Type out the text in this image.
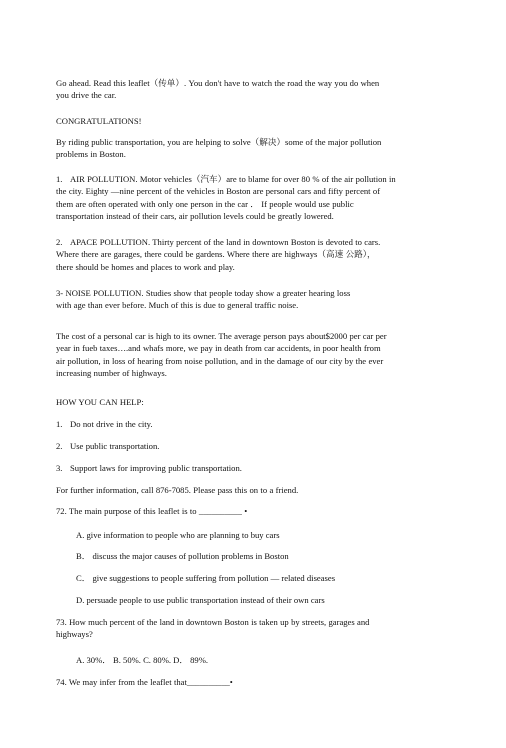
Go ahead. Read this leaflet（传单）. You don't have to watch the road the way you do when
you drive the car.

CONGRATULATIONS!

By riding public transportation, you are helping to solve（解决）some of the major pollution
problems in Boston.

1. AIR POLLUTION. Motor vehicles（汽车）are to blame for over 80 % of the air pollution in
the city. Eighty —nine percent of the vehicles in Boston are personal cars and fifty percent of
them are often operated with only one person in the car ． If people would use public
transportation instead of their cars, air pollution levels could be greatly lowered.

2. APACE POLLUTION. Thirty percent of the land in downtown Boston is devoted to cars.
Where there are garages, there could be gardens. Where there are highways（高速 公路），
there should be homes and places to work and play.

3- NOISE POLLUTION. Studies show that people today show a greater hearing loss
with age than ever before. Much of this is due to general traffic noise.

The cost of a personal car is high to its owner. The average person pays about$2000 per car per
year in fueb taxes….and whafs more, we pay in death from car accidents, in poor health from
air pollution, in loss of hearing from noise pollution, and in the damage of our city by the ever
increasing number of highways.

HOW YOU CAN HELP:

1. Do not drive in the city.

2. Use public transportation.

3. Support laws for improving public transportation.

For further information, call 876-7085. Please pass this on to a friend.

72. The main purpose of this leaflet is to __________ •

A. give information to people who are planning to buy cars

B． discuss the major causes of pollution problems in Boston

C． give suggestions to people suffering from pollution — related diseases

D. persuade people to use public transportation instead of their own cars

73. How much percent of the land in downtown Boston is taken up by streets, garages and
highways?

A. 30%． B. 50%. C. 80%. D． 89%.

74. We may infer from the leaflet that__________•
